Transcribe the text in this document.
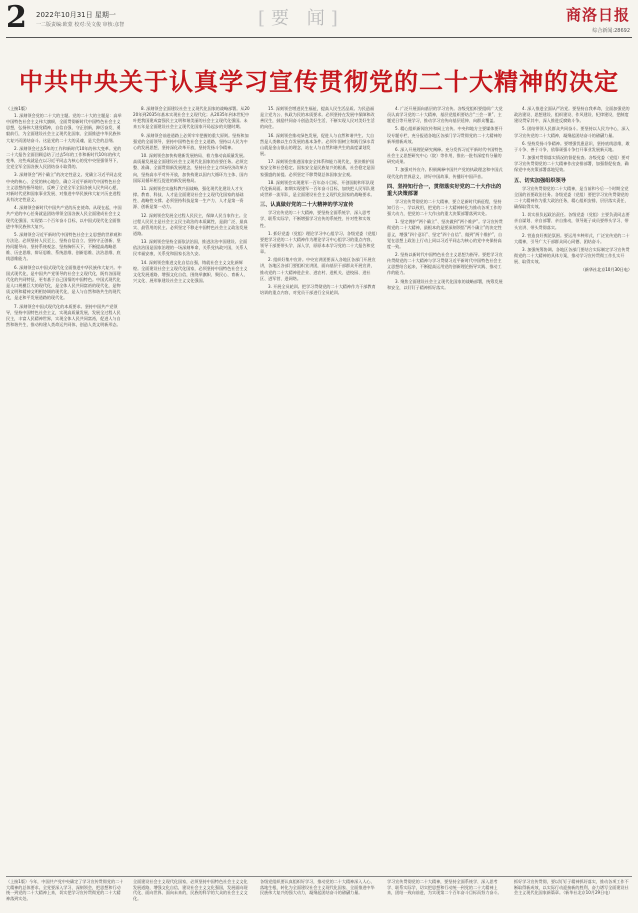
2 2022年10月31日 星期一
一二版责编:欧蒙 校对:吴文俊 审核:彦智	[要 闻]	商洛日报
综合新闻:28692
中共中央关于认真学习宣传贯彻党的二十大精神的决定
（上接1版）

1. 深刻领会党的二十大的主题。党的二十大的主题是：高举中国特色社会主义伟大旗帜，全面贯彻新时代中国特色社会主义思想，弘扬伟大建党精神，自信自强、守正创新，踔厉奋发、勇毅前行，为全面建设社会主义现代化国家、全面推进中华民族伟大复兴而团结奋斗。这是党的二十大的灵魂，是大会的总纲。

2. 深刻领会过去5年的工作和新时代10年的伟大变革。党的二十大报告全面回顾总结了过去5年的工作和新时代10年的伟大变革，这些成就是在以习近平同志为核心的党中央坚强领导下，全党全军全国各族人民团结奋斗取得的。

3. 深刻领会“两个确立”的决定性意义。党确立习近平同志党中央的核心、全党的核心地位，确立习近平新时代中国特色社会主义思想的指导地位，反映了全党全军全国各族人民共同心愿，对新时代党和国家事业发展、对推进中华民族伟大复兴历史进程具有决定性意义。

4. 深刻领会新时代中国共产党的历史使命。从现在起，中国共产党的中心任务就是团结带领全国各族人民全面建成社会主义现代化强国、实现第二个百年奋斗目标，以中国式现代化全面推进中华民族伟大复兴。

5. 深刻领会习近平新时代中国特色社会主义思想的世界观和方法论。必须坚持人民至上、坚持自信自立、坚持守正创新、坚持问题导向、坚持系统观念、坚持胸怀天下，不断提高战略思维、历史思维、辩证思维、系统思维、创新思维、法治思维、底线思维能力。

6. 深刻领会以中国式现代化全面推进中华民族伟大复兴。中国式现代化，是中国共产党领导的社会主义现代化，既有各国现代化的共同特征，更有基于自己国情的中国特色。中国式现代化是人口规模巨大的现代化，是全体人民共同富裕的现代化，是物质文明和精神文明相协调的现代化，是人与自然和谐共生的现代化，是走和平发展道路的现代化。

7. 深刻领会中国式现代化的本质要求。坚持中国共产党领导，坚持中国特色社会主义，实现高质量发展，发展全过程人民民主，丰富人民精神世界，实现全体人民共同富裕，促进人与自然和谐共生，推动构建人类命运共同体，创造人类文明新形态。

8. 深刻领会全面建设社会主义现代化国家的战略部署。从2020年到2035年基本实现社会主义现代化；从2035年到本世纪中叶把我国建成富强民主文明和谐美丽的社会主义现代化强国。未来五年是全面建设社会主义现代化国家开局起步的关键时期。

9. 深刻领会前进道路上必须牢牢把握的重大原则。坚持和加强党的全面领导，坚持中国特色社会主义道路，坚持以人民为中心的发展思想，坚持深化改革开放，坚持发扬斗争精神。

10. 深刻领会加快构建新发展格局、着力推动高质量发展。高质量发展是全面建设社会主义现代化国家的首要任务。必须完整、准确、全面贯彻新发展理念，坚持社会主义市场经济改革方向，坚持高水平对外开放，加快构建以国内大循环为主体、国内国际双循环相互促进的新发展格局。

11. 深刻领会实施科教兴国战略、强化现代化建设人才支撑。教育、科技、人才是全面建设社会主义现代化国家的基础性、战略性支撑。必须坚持科技是第一生产力、人才是第一资源、创新是第一动力。

12. 深刻领会发展全过程人民民主，保障人民当家作主。全过程人民民主是社会主义民主政治的本质属性，是最广泛、最真实、最管用的民主。必须坚定不移走中国特色社会主义政治发展道路。

13. 深刻领会坚持全面依法治国，推进法治中国建设。全面依法治国是国家治理的一场深刻革命，关系党执政兴国，关系人民幸福安康，关系党和国家长治久安。

14. 深刻领会推进文化自信自强，铸就社会主义文化新辉煌。全面建设社会主义现代化国家，必须坚持中国特色社会主义文化发展道路，增强文化自信，围绕举旗帜、聚民心、育新人、兴文化、展形象建设社会主义文化强国。

15. 深刻领会增进民生福祉，提高人民生活品质。为民造福是立党为公、执政为民的本质要求。必须坚持在发展中保障和改善民生，鼓励共同奋斗创造美好生活，不断实现人民对美好生活的向往。

16. 深刻领会推动绿色发展，促进人与自然和谐共生。大自然是人类赖以生存发展的基本条件。必须牢固树立和践行绿水青山就是金山银山的理念，站在人与自然和谐共生的高度谋划发展。

17. 深刻领会推进国家安全体系和能力现代化，坚决维护国家安全和社会稳定。国家安全是民族复兴的根基，社会稳定是国家强盛的前提。必须坚定不移贯彻总体国家安全观。

18. 深刻领会实现建军一百年奋斗目标，开创国防和军队现代化新局面。如期实现建军一百年奋斗目标，加快把人民军队建成世界一流军队，是全面建设社会主义现代化国家的战略要求。

三、认真做好党的二十大精神的学习宣传

学习宣传党的二十大精神，要坚持全面系统学、深入思考学、联系实际学，不断增强学习宣传的系统性、针对性和实效性。

1. 抓好党委（党组）理论学习中心组学习。各级党委（党组）要把学习党的二十大精神作为理论学习中心组学习的重点内容，领导干部要带头学、深入学，原原本本学习党的二十大报告和党章。

2. 组织好集中宣讲。中央宣讲团要深入各地区各部门开展宣讲，各地区各部门要组织宣讲团，面向基层干部群众开展宣讲，推动党的二十大精神进企业、进农村、进机关、进校园、进社区、进军营、进网络。

3. 开展全员轮训。把学习贯彻党的二十大精神作为干部教育培训的重点内容，对党员干部进行全员轮训。

4. 广泛开展面向基层的学习宣传。各级党组织要组织广大党员认真学习党的二十大精神，基层党组织要结合“三会一课”、主题党日等开展学习，推动学习宣传向基层延伸、向群众覆盖。

5. 精心组织新闻宣传和网上宣传。中央和地方主要媒体要开设专题专栏，充分报道各地区各部门学习贯彻党的二十大精神的新举措新成效。

6. 深入开展理论研究阐释。充分发挥习近平新时代中国特色社会主义思想研究中心（院）等作用，推出一批有深度有分量的研究成果。

7. 加强对外宣介。积极阐释中国共产党的执政理念和中国式现代化的世界意义，讲好中国故事，传播好中国声音。

四、坚持知行合一，贯彻落实好党的二十大作出的重大决策部署

学习宣传贯彻党的二十大精神，要立足新时代新征程，坚持知行合一、学以致用，把党的二十大精神转化为推动各项工作的强大动力，把党的二十大作出的重大决策部署落到实处。

1. 坚定拥护“两个确立”、坚决做到“两个维护”。学习宣传贯彻党的二十大精神，最根本的是要深刻领悟“两个确立”的决定性意义，增强“四个意识”、坚定“四个自信”、做到“两个维护”，自觉在思想上政治上行动上同以习近平同志为核心的党中央保持高度一致。

2. 坚持以新时代中国特色社会主义思想为指导。要把学习宣传贯彻党的二十大精神与学习贯彻习近平新时代中国特色社会主义思想结合起来，不断提高运用党的创新理论指导实践、推动工作的能力。

3. 聚焦全面建设社会主义现代化国家的战略部署，统筹发展和安全，以钉钉子精神抓好落实。

4. 深入推进全面从严治党。要坚持自我革命，全面加强党的政治建设、思想建设、组织建设、作风建设、纪律建设，把制度建设贯穿其中，深入推进反腐败斗争。

5. 团结带领人民群众共同奋斗。要坚持以人民为中心，深入学习宣传党的二十大精神，凝聚起团结奋斗的磅礴力量。

6. 坚持发扬斗争精神。要增强忧患意识，坚持底线思维，敢于斗争、善于斗争，依靠顽强斗争打开事业发展新天地。

7. 加强对贯彻落实情况的督促检查。各级党委（党组）要对学习宣传贯彻党的二十大精神作出安排部署，加强督促检查，确保党中央决策部署落地见效。

五、切实加强组织领导

学习宣传贯彻党的二十大精神，是当前和今后一个时期全党全国的首要政治任务。各级党委（党组）要把学习宣传贯彻党的二十大精神作为重大政治任务，精心组织安排，层层落实责任，确保取得实效。

1. 切实担负起政治责任。各级党委（党组）主要负责同志要亲自谋划、亲自部署、亲自推动，领导班子成员要带头学习、带头宣讲、带头贯彻落实。

2. 营造良好舆论氛围。要运用多种形式，广泛宣传党的二十大精神，引导广大干部群众同心同德、团结奋斗。

3. 加强统筹协调。各地区各部门要结合实际制定学习宣传贯彻党的二十大精神的具体方案，推动学习宣传贯彻工作扎实开展、取得实效。

（新华社北京10月30日电）

（上接1版）今年，中国共产党中央确定了学习宣传贯彻党的二十大精神的总体要求。全党要深入学习、深刻领会，把思想和行动统一到党的二十大精神上来，切实把学习宣传贯彻党的二十大精神落到实处。
全面建设社会主义现代化国家，必须坚持中国特色社会主义文化发展道路，增强文化自信，建设社会主义文化强国，发展面向现代化、面向世界、面向未来的，民族的科学的大众的社会主义文化。
各级党组织要认真组织好学习，推动党的二十大精神深入人心、落地生根，转化为全面建设社会主义现代化国家、全面推进中华民族伟大复兴的强大动力，凝聚起团结奋斗的磅礴力量。
学习宣传贯彻党的二十大精神，要坚持全面系统学、深入思考学、联系实际学，切实把思想和行动统一到党的二十大精神上来，团结一致向前进，为实现第二个百年奋斗目标而努力奋斗。
抓好学习宣传贯彻，要以钉钉子精神抓好落实，推动各项工作不断取得新成效，以实际行动迎接新的胜利，奋力谱写全面建设社会主义现代化国家新篇章。（新华社北京10月29日电）
